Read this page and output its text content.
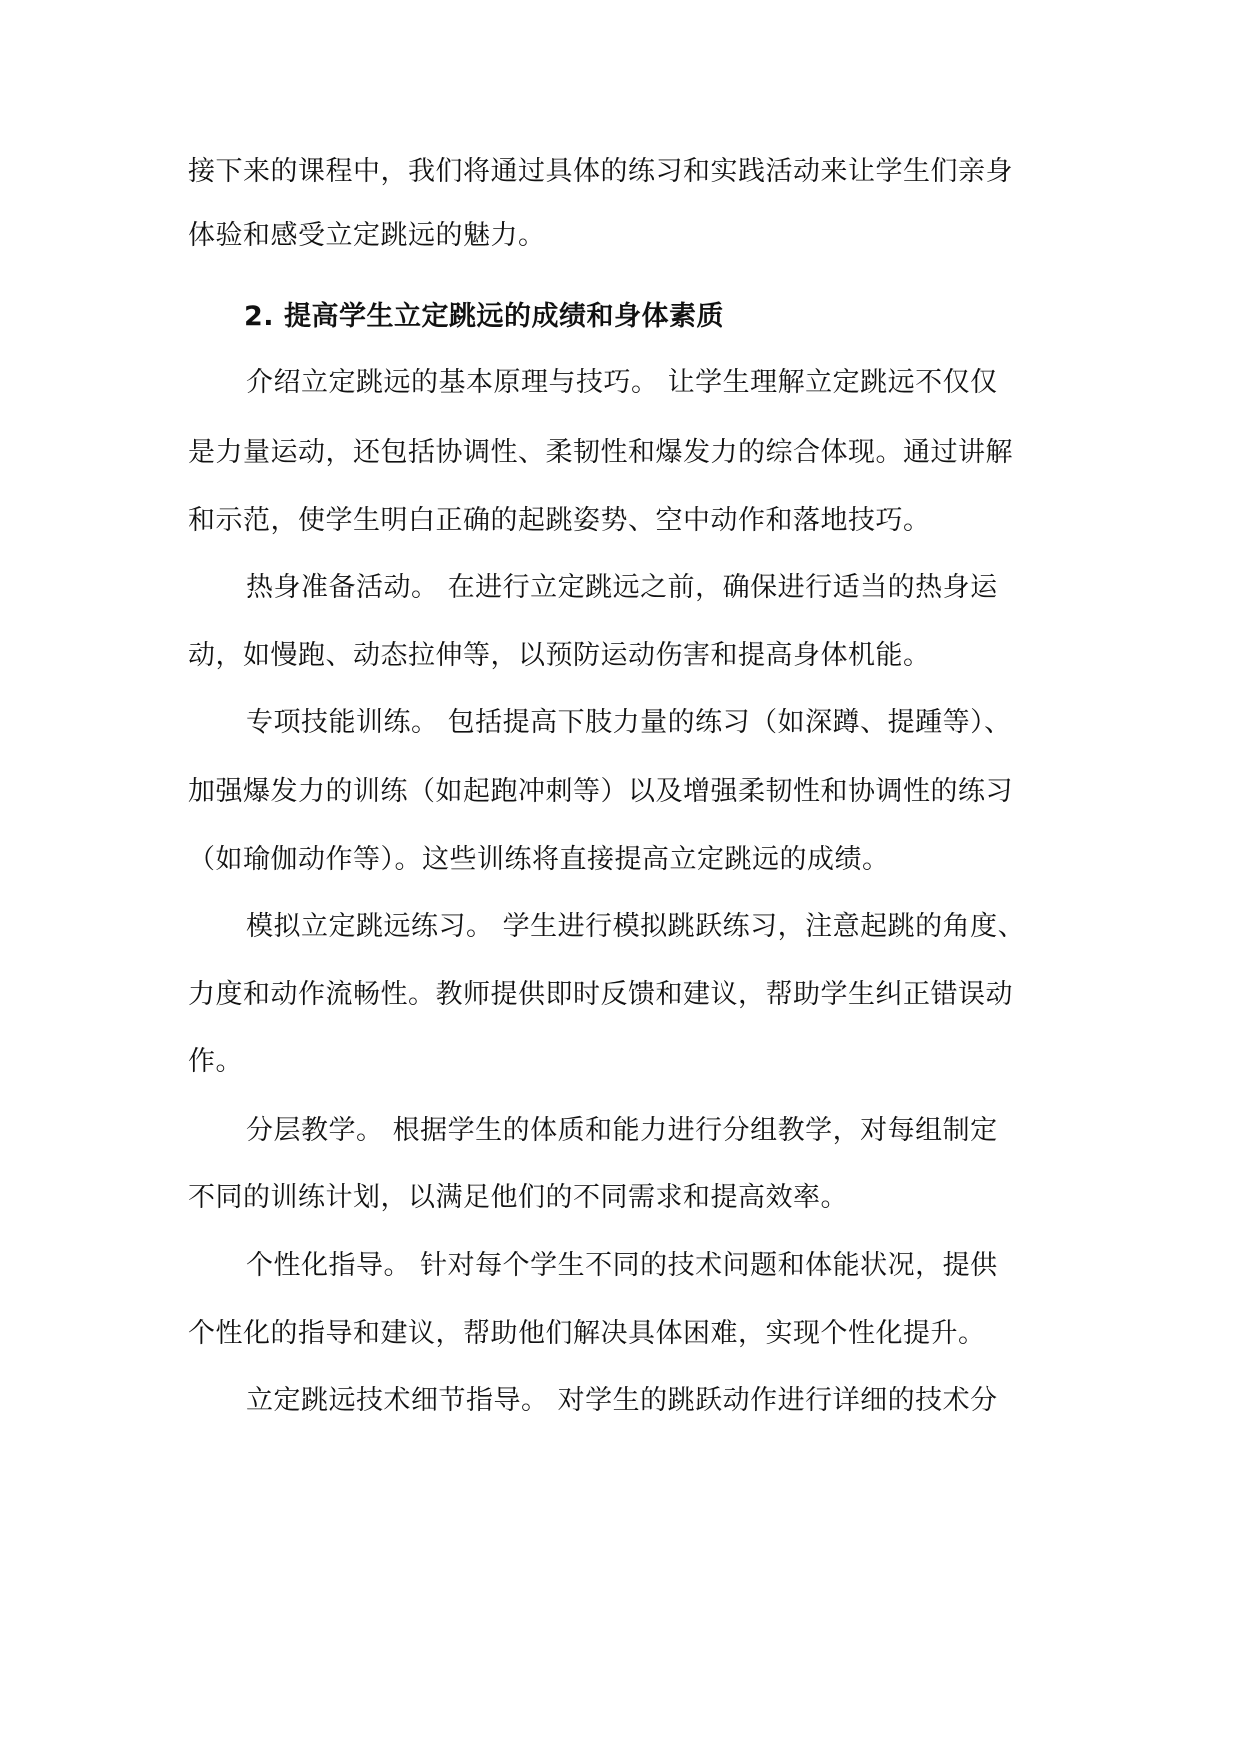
接下来的课程中，我们将通过具体的练习和实践活动来让学生们亲身
体验和感受立定跳远的魅力。
2. 提高学生立定跳远的成绩和身体素质
介绍立定跳远的基本原理与技巧。 让学生理解立定跳远不仅仅
是力量运动，还包括协调性、柔韧性和爆发力的综合体现。通过讲解
和示范，使学生明白正确的起跳姿势、空中动作和落地技巧。
热身准备活动。 在进行立定跳远之前，确保进行适当的热身运
动，如慢跑、动态拉伸等，以预防运动伤害和提高身体机能。
专项技能训练。 包括提高下肢力量的练习（如深蹲、提踵等）、
加强爆发力的训练（如起跑冲刺等）以及增强柔韧性和协调性的练习
（如瑜伽动作等）。这些训练将直接提高立定跳远的成绩。
模拟立定跳远练习。 学生进行模拟跳跃练习，注意起跳的角度、
力度和动作流畅性。教师提供即时反馈和建议，帮助学生纠正错误动
作。
分层教学。 根据学生的体质和能力进行分组教学，对每组制定
不同的训练计划，以满足他们的不同需求和提高效率。
个性化指导。 针对每个学生不同的技术问题和体能状况，提供
个性化的指导和建议，帮助他们解决具体困难，实现个性化提升。
立定跳远技术细节指导。 对学生的跳跃动作进行详细的技术分
